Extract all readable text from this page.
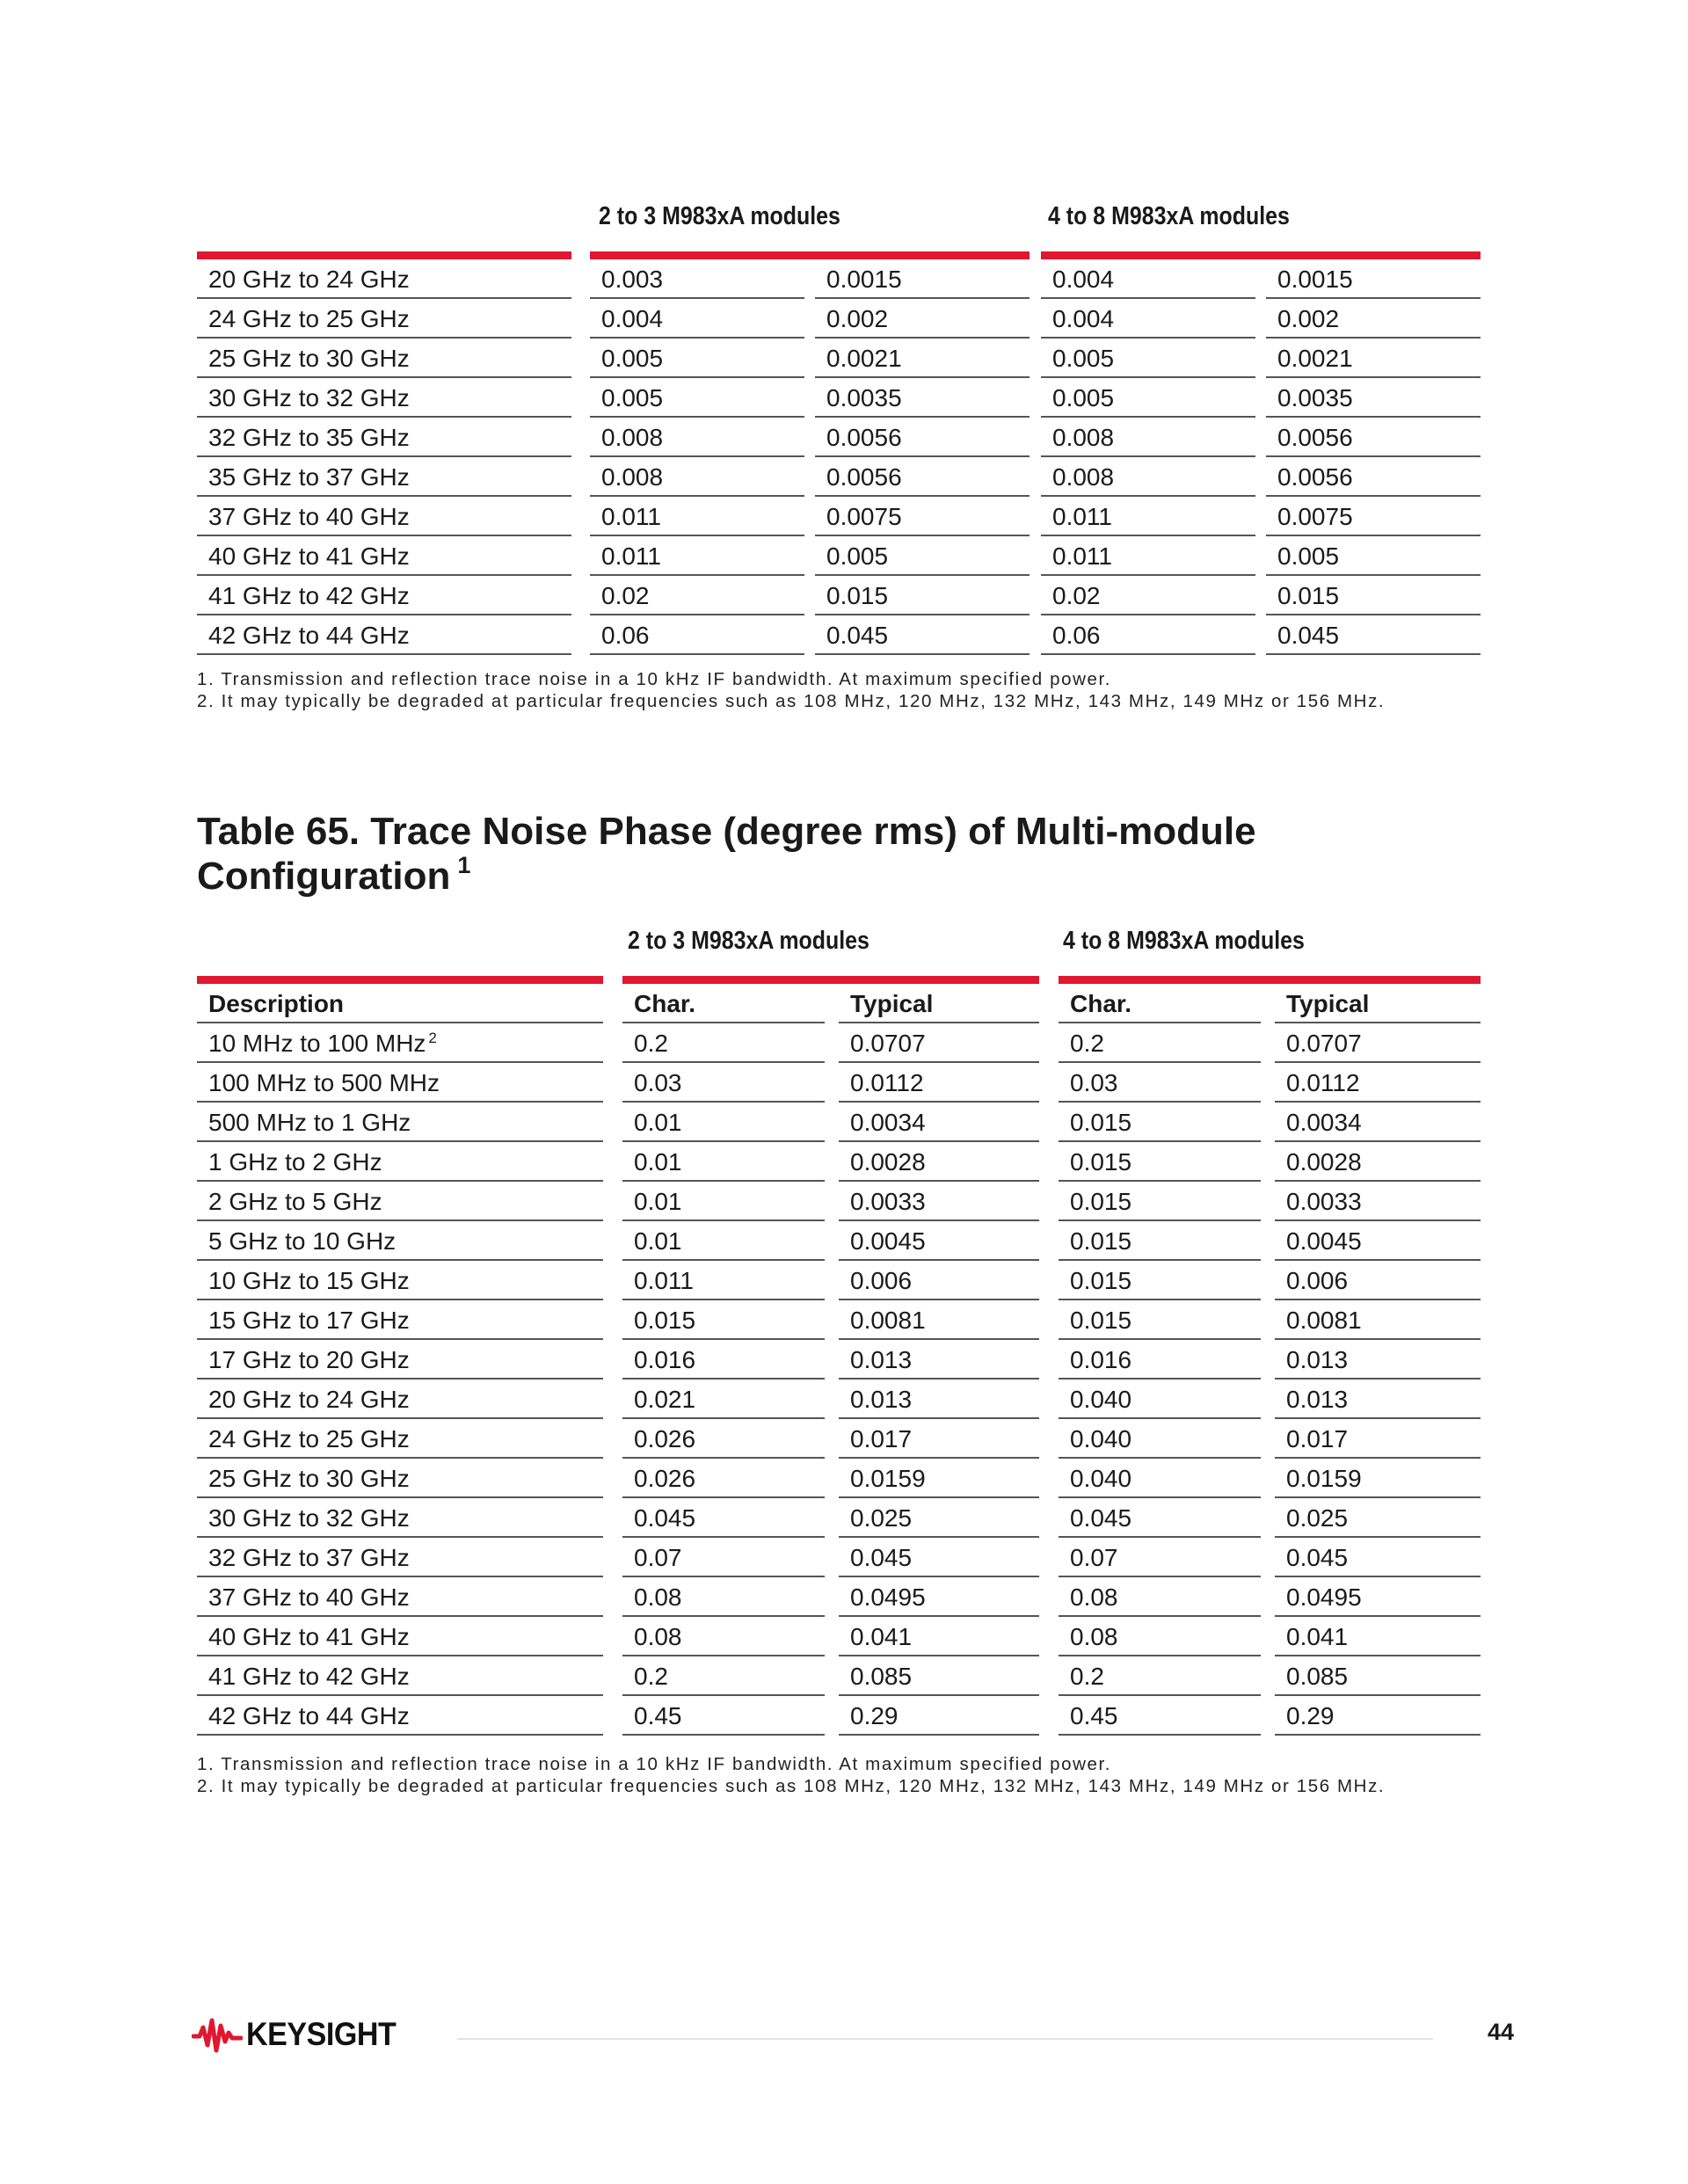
2 to 3 M983xA modules	4 to 8 M983xA modules
20 GHz to 24 GHz	0.003	0.0015	0.004	0.0015
24 GHz to 25 GHz	0.004	0.002	0.004	0.002
25 GHz to 30 GHz	0.005	0.0021	0.005	0.0021
30 GHz to 32 GHz	0.005	0.0035	0.005	0.0035
32 GHz to 35 GHz	0.008	0.0056	0.008	0.0056
35 GHz to 37 GHz	0.008	0.0056	0.008	0.0056
37 GHz to 40 GHz	0.011	0.0075	0.011	0.0075
40 GHz to 41 GHz	0.011	0.005	0.011	0.005
41 GHz to 42 GHz	0.02	0.015	0.02	0.015
42 GHz to 44 GHz	0.06	0.045	0.06	0.045
1. Transmission and reflection trace noise in a 10 kHz IF bandwidth. At maximum specified power.
2. It may typically be degraded at particular frequencies such as 108 MHz, 120 MHz, 132 MHz, 143 MHz, 149 MHz or 156 MHz.
Table 65. Trace Noise Phase (degree rms) of Multi-module
Configuration $^1$
2 to 3 M983xA modules	4 to 8 M983xA modules
Description	Char.	Typical	Char.	Typical
10 MHz to 100 MHz $^2$	0.2	0.0707	0.2	0.0707
100 MHz to 500 MHz	0.03	0.0112	0.03	0.0112
500 MHz to 1 GHz	0.01	0.0034	0.015	0.0034
1 GHz to 2 GHz	0.01	0.0028	0.015	0.0028
2 GHz to 5 GHz	0.01	0.0033	0.015	0.0033
5 GHz to 10 GHz	0.01	0.0045	0.015	0.0045
10 GHz to 15 GHz	0.011	0.006	0.015	0.006
15 GHz to 17 GHz	0.015	0.0081	0.015	0.0081
17 GHz to 20 GHz	0.016	0.013	0.016	0.013
20 GHz to 24 GHz	0.021	0.013	0.040	0.013
24 GHz to 25 GHz	0.026	0.017	0.040	0.017
25 GHz to 30 GHz	0.026	0.0159	0.040	0.0159
30 GHz to 32 GHz	0.045	0.025	0.045	0.025
32 GHz to 37 GHz	0.07	0.045	0.07	0.045
37 GHz to 40 GHz	0.08	0.0495	0.08	0.0495
40 GHz to 41 GHz	0.08	0.041	0.08	0.041
41 GHz to 42 GHz	0.2	0.085	0.2	0.085
42 GHz to 44 GHz	0.45	0.29	0.45	0.29
1. Transmission and reflection trace noise in a 10 kHz IF bandwidth. At maximum specified power.
2. It may typically be degraded at particular frequencies such as 108 MHz, 120 MHz, 132 MHz, 143 MHz, 149 MHz or 156 MHz.
KEYSIGHT	44
